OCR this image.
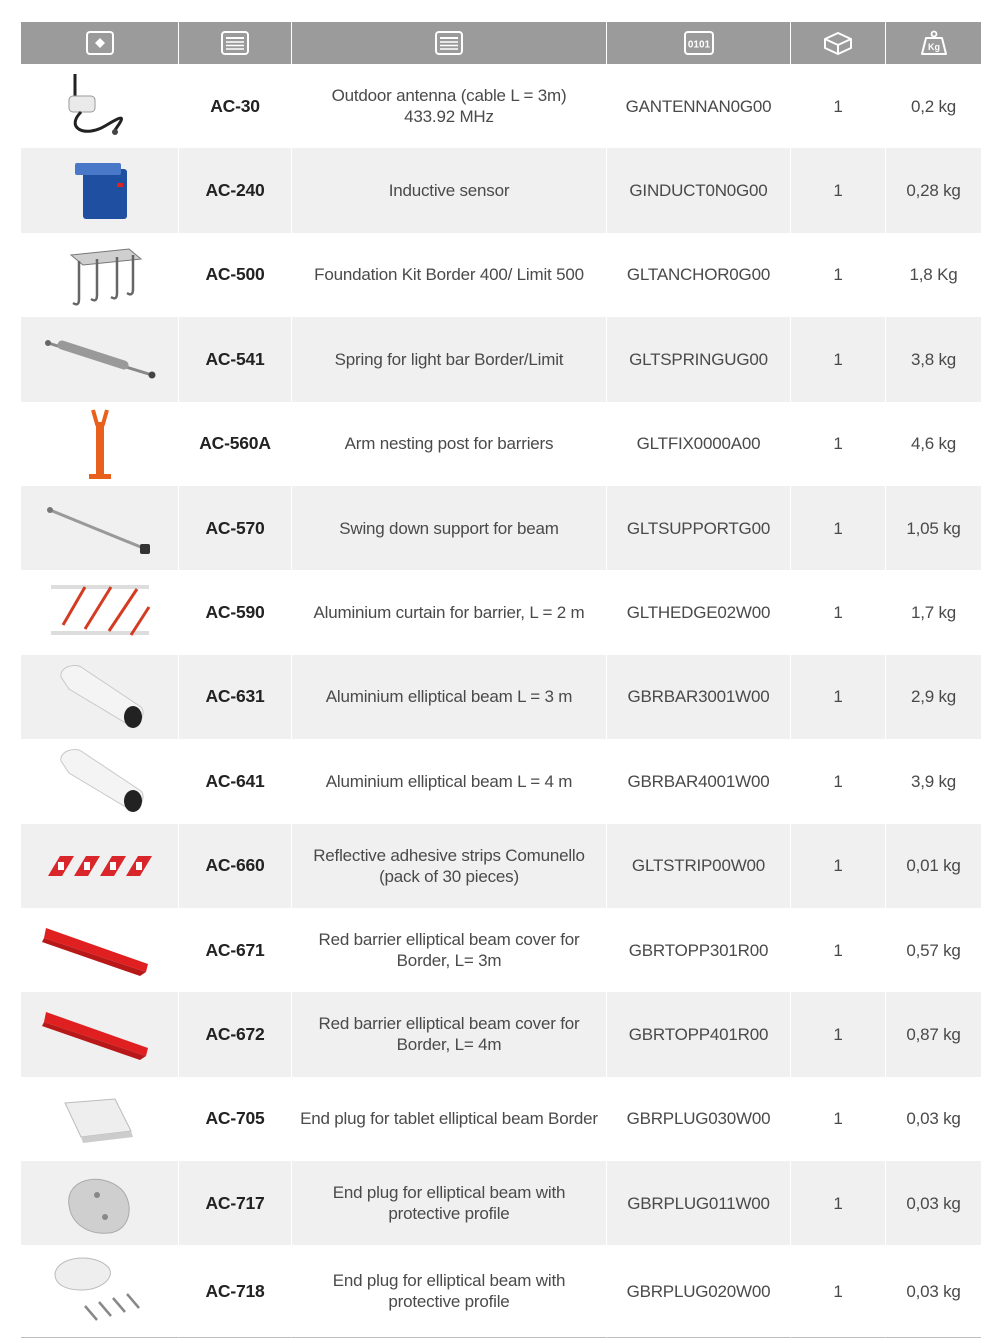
0101		Kg

	AC-30	Outdoor antenna (cable L = 3m)
433.92 MHz	GANTENNAN0G00	1	0,2 kg

	AC-240	Inductive sensor	GINDUCT0N0G00	1	0,28 kg

	AC-500	Foundation Kit Border 400/ Limit 500	GLTANCHOR0G00	1	1,8 Kg

	AC-541	Spring for light bar Border/Limit	GLTSPRINGUG00	1	3,8 kg

	AC-560A	Arm nesting post for barriers	GLTFIX0000A00	1	4,6 kg

	AC-570	Swing down support for beam	GLTSUPPORTG00	1	1,05 kg

	AC-590	Aluminium curtain for barrier, L = 2 m	GLTHEDGE02W00	1	1,7 kg

	AC-631	Aluminium elliptical beam L = 3 m	GBRBAR3001W00	1	2,9 kg

	AC-641	Aluminium elliptical beam L = 4 m	GBRBAR4001W00	1	3,9 kg

	AC-660	Reflective adhesive strips Comunello
(pack of 30 pieces)	GLTSTRIP00W00	1	0,01 kg

	AC-671	Red barrier elliptical beam cover for
Border, L= 3m	GBRTOPP301R00	1	0,57 kg

	AC-672	Red barrier elliptical beam cover for
Border, L= 4m	GBRTOPP401R00	1	0,87 kg

	AC-705	End plug for tablet elliptical beam Border	GBRPLUG030W00	1	0,03 kg

	AC-717	End plug for elliptical beam with
protective profile	GBRPLUG011W00	1	0,03 kg

	AC-718	End plug for elliptical beam with
protective profile	GBRPLUG020W00	1	0,03 kg
